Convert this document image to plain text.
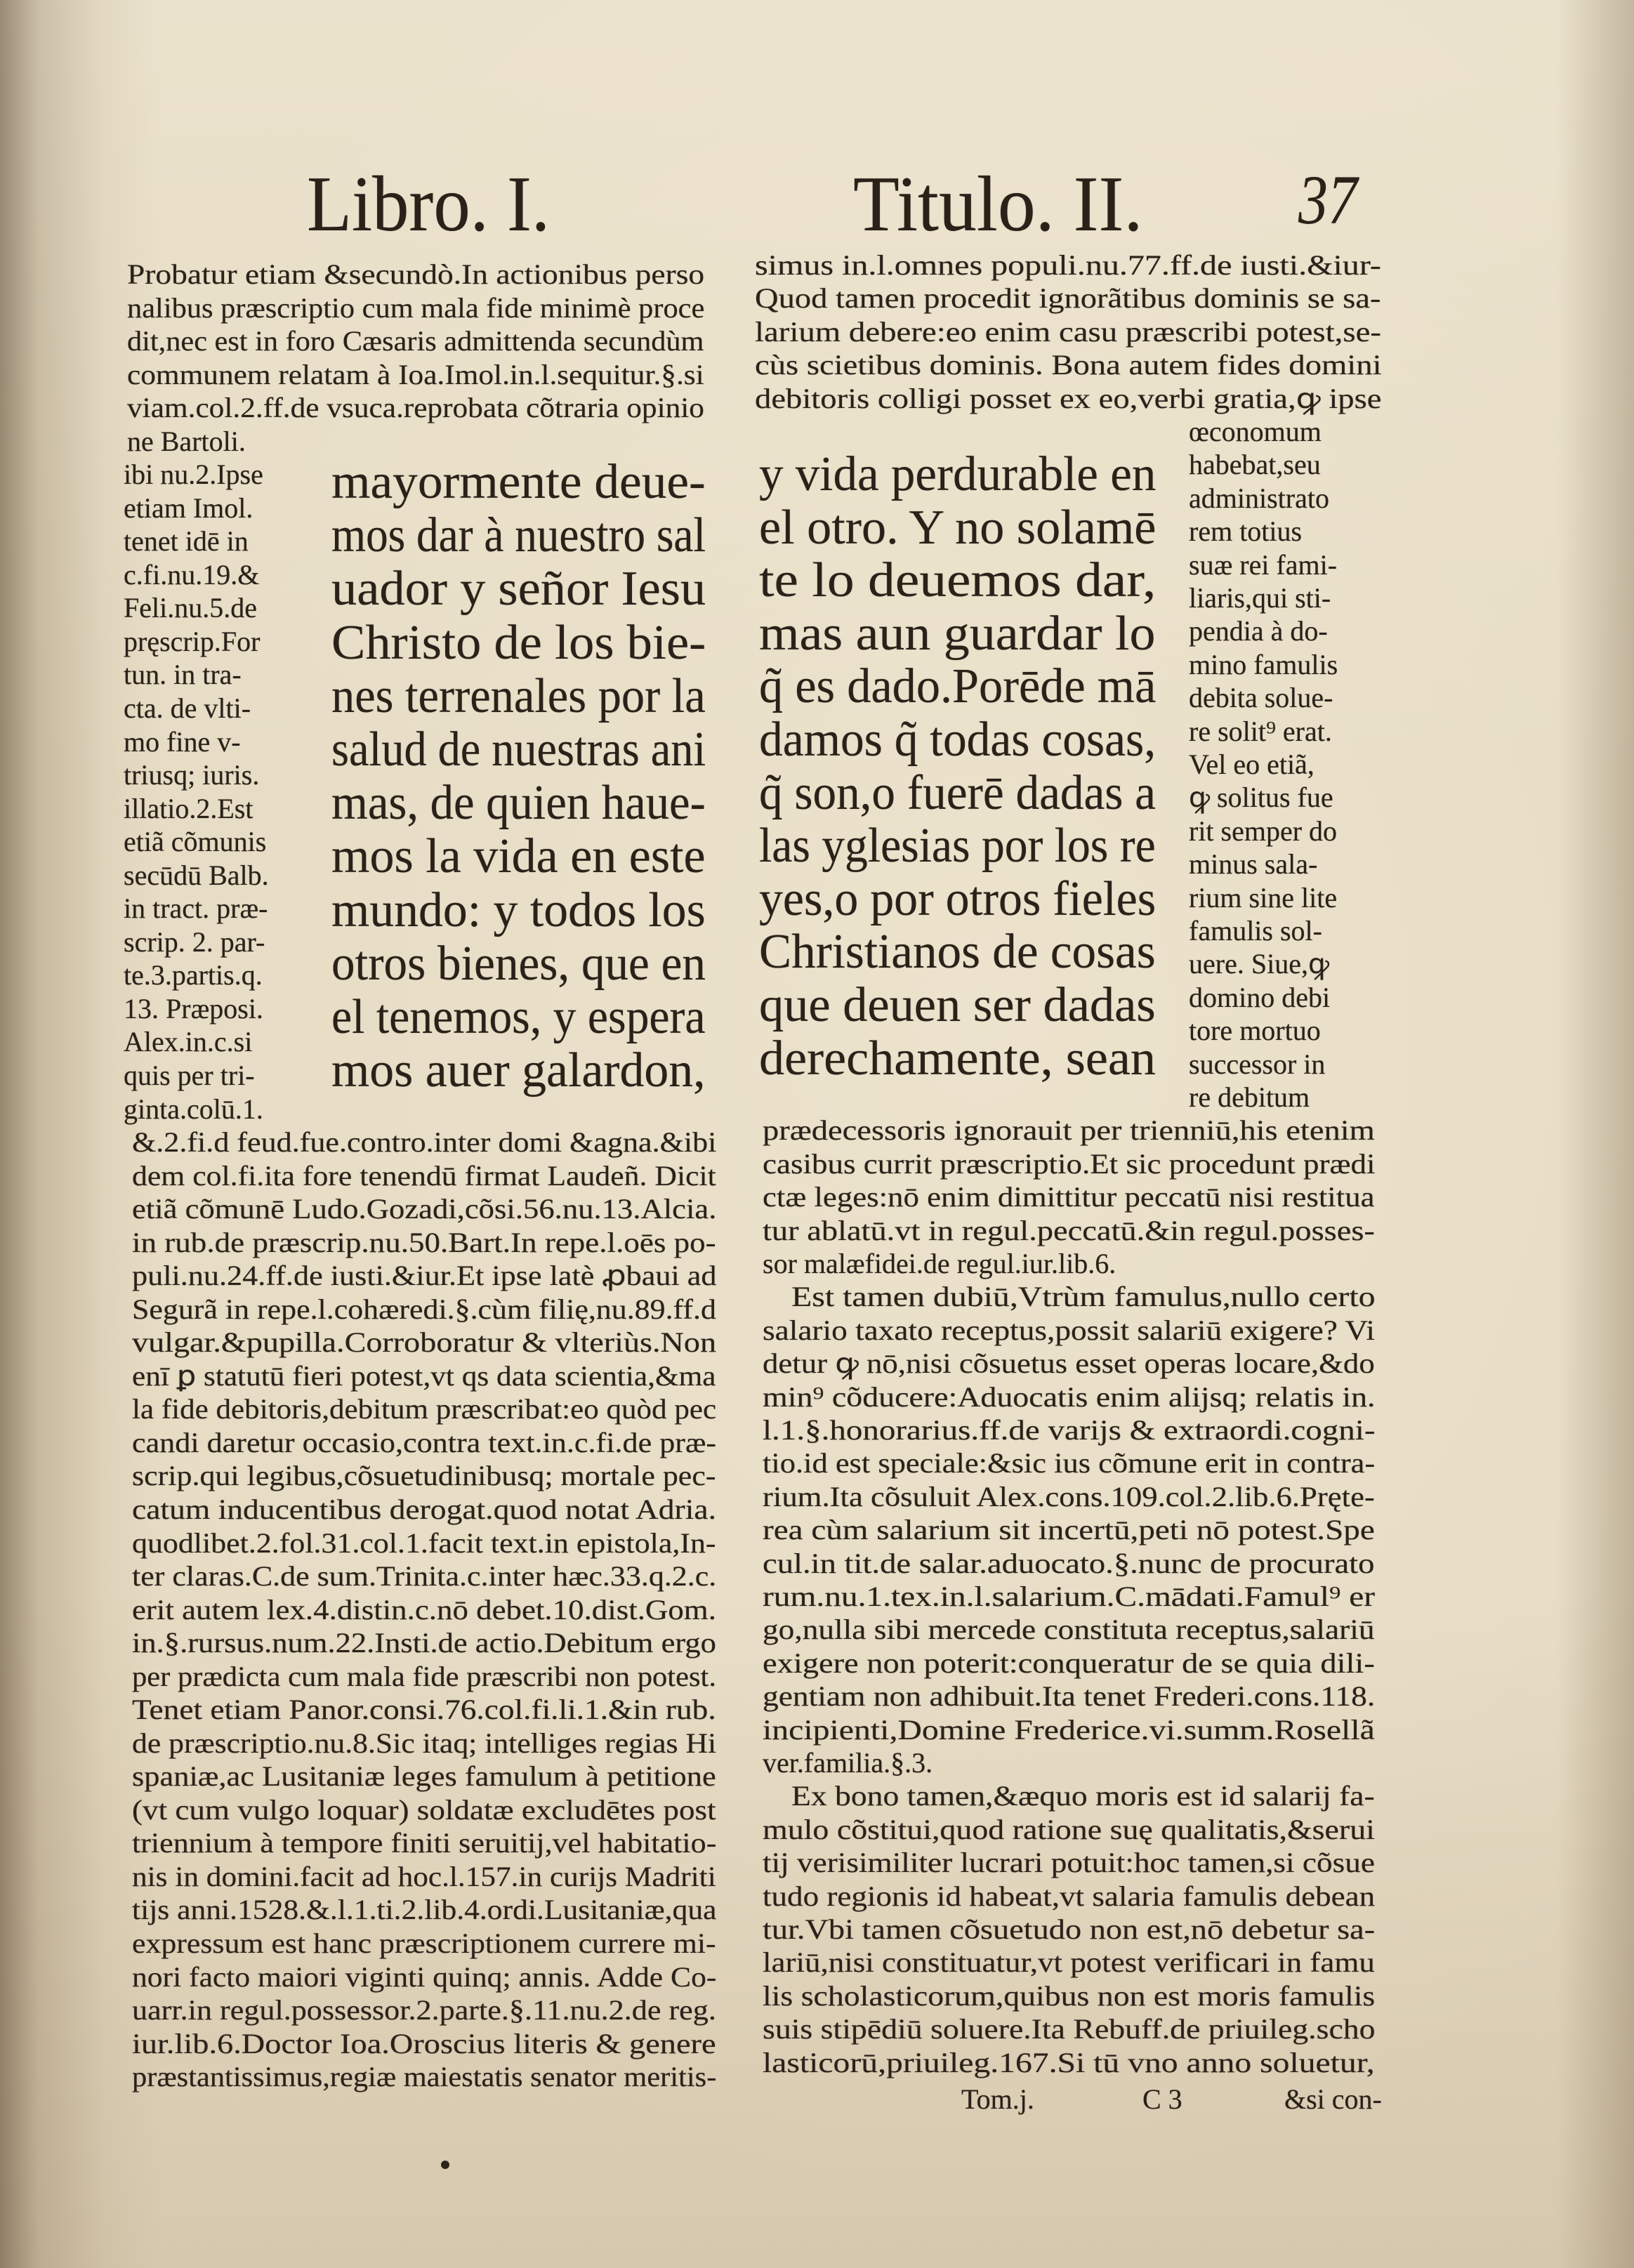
Libro. I.	Titulo. II. 37
Probatur etiam &secundò.In actionibus perso
nalibus præscriptio cum mala fide minimè proce
dit,nec est in foro Cæsaris admittenda secundùm
communem relatam à Ioa.Imol.in.l.sequitur.§.si
viam.col.2.ff.de vsuca.reprobata cõtraria opinio
ne Bartoli.
ibi nu.2.Ipse
etiam Imol.
tenet idē in
c.fi.nu.19.&
Feli.nu.5.de
pręscrip.For
tun. in tra-
cta. de vlti-
mo fine v-
triusq; iuris.
illatio.2.Est
etiã cõmunis
secūdū Balb.
in tract. præ-
scrip. 2. par-
te.3.partis.q.
13. Præposi.
Alex.in.c.si
quis per tri-
ginta.colū.1.
mayormente deue-
mos dar à nuestro sal
uador y señor Iesu
Christo de los bie-
nes terrenales por la
salud de nuestras ani
mas, de quien haue-
mos la vida en este
mundo: y todos los
otros bienes, que en
el tenemos, y espera
mos auer galardon,
&.2.fi.d feud.fue.contro.inter domi &agna.&ibi
dem col.fi.ita fore tenendū firmat Laudeñ. Dicit
etiã cõmunē Ludo.Gozadi,cõsi.56.nu.13.Alcia.
in rub.de præscrip.nu.50.Bart.In repe.l.oēs po-
puli.nu.24.ff.de iusti.&iur.Et ipse latè ꝓbaui ad
Segurã in repe.l.cohæredi.§.cùm filię,nu.89.ff.d
vulgar.&pupilla.Corroboratur & vlteriùs.Non
enī ꝑ statutū fieri potest,vt qs data scientia,&ma
la fide debitoris,debitum præscribat:eo quòd pec
candi daretur occasio,contra text.in.c.fi.de præ-
scrip.qui legibus,cõsuetudinibusq; mortale pec-
catum inducentibus derogat.quod notat Adria.
quodlibet.2.fol.31.col.1.facit text.in epistola,In-
ter claras.C.de sum.Trinita.c.inter hæc.33.q.2.c.
erit autem lex.4.distin.c.nō debet.10.dist.Gom.
in.§.rursus.num.22.Insti.de actio.Debitum ergo
per prædicta cum mala fide præscribi non potest.
Tenet etiam Panor.consi.76.col.fi.li.1.&in rub.
de præscriptio.nu.8.Sic itaq; intelliges regias Hi
spaniæ,ac Lusitaniæ leges famulum à petitione
(vt cum vulgo loquar) soldatæ excludētes post
triennium à tempore finiti seruitij,vel habitatio-
nis in domini.facit ad hoc.l.157.in curijs Madriti
tijs anni.1528.&.l.1.ti.2.lib.4.ordi.Lusitaniæ,qua
expressum est hanc præscriptionem currere mi-
nori facto maiori viginti quinq; annis. Adde Co-
uarr.in regul.possessor.2.parte.§.11.nu.2.de reg.
iur.lib.6.Doctor Ioa.Oroscius literis & genere
præstantissimus,regiæ maiestatis senator meritis-
simus in.l.omnes populi.nu.77.ff.de iusti.&iur-
Quod tamen procedit ignorãtibus dominis se sa-
larium debere:eo enim casu præscribi potest,se-
cùs scietibus dominis. Bona autem fides domini
debitoris colligi posset ex eo,verbi gratia,ꝙ ipse
y vida perdurable en
el otro. Y no solamē
te lo deuemos dar,
mas aun guardar lo
q̃ es dado.Porēde mā
damos q̃ todas cosas,
q̃ son,o fuerē dadas a
las yglesias por los re
yes,o por otros fieles
Christianos de cosas
que deuen ser dadas
derechamente, sean
œconomum
habebat,seu
administrato
rem totius
suæ rei fami-
liaris,qui sti-
pendia à do-
mino famulis
debita solue-
re solit⁹ erat.
Vel eo etiã,
ꝙ solitus fue
rit semper do
minus sala-
rium sine lite
famulis sol-
uere. Siue,ꝙ
domino debi
tore mortuo
successor in
re debitum
prædecessoris ignorauit per trienniū,his etenim
casibus currit præscriptio.Et sic procedunt prædi
ctæ leges:nō enim dimittitur peccatū nisi restitua
tur ablatū.vt in regul.peccatū.&in regul.posses-
sor malæfidei.de regul.iur.lib.6.
Est tamen dubiū,Vtrùm famulus,nullo certo
salario taxato receptus,possit salariū exigere? Vi
detur ꝙ nō,nisi cõsuetus esset operas locare,&do
min⁹ cõducere:Aduocatis enim alijsq; relatis in.
l.1.§.honorarius.ff.de varijs & extraordi.cogni-
tio.id est speciale:&sic ius cõmune erit in contra-
rium.Ita cõsuluit Alex.cons.109.col.2.lib.6.Pręte-
rea cùm salarium sit incertū,peti nō potest.Spe
cul.in tit.de salar.aduocato.§.nunc de procurato
rum.nu.1.tex.in.l.salarium.C.mādati.Famul⁹ er
go,nulla sibi mercede constituta receptus,salariū
exigere non poterit:conqueratur de se quia dili-
gentiam non adhibuit.Ita tenet Frederi.cons.118.
incipienti,Domine Frederice.vi.summ.Rosellã
ver.familia.§.3.
Ex bono tamen,&æquo moris est id salarij fa-
mulo cõstitui,quod ratione suę qualitatis,&serui
tij verisimiliter lucrari potuit:hoc tamen,si cõsue
tudo regionis id habeat,vt salaria famulis debean
tur.Vbi tamen cõsuetudo non est,nō debetur sa-
lariū,nisi constituatur,vt potest verificari in famu
lis scholasticorum,quibus non est moris famulis
suis stipēdiū soluere.Ita Rebuff.de priuileg.scho
lasticorū,priuileg.167.Si tū vno anno soluetur,
Tom.j.	C 3	&si con-
